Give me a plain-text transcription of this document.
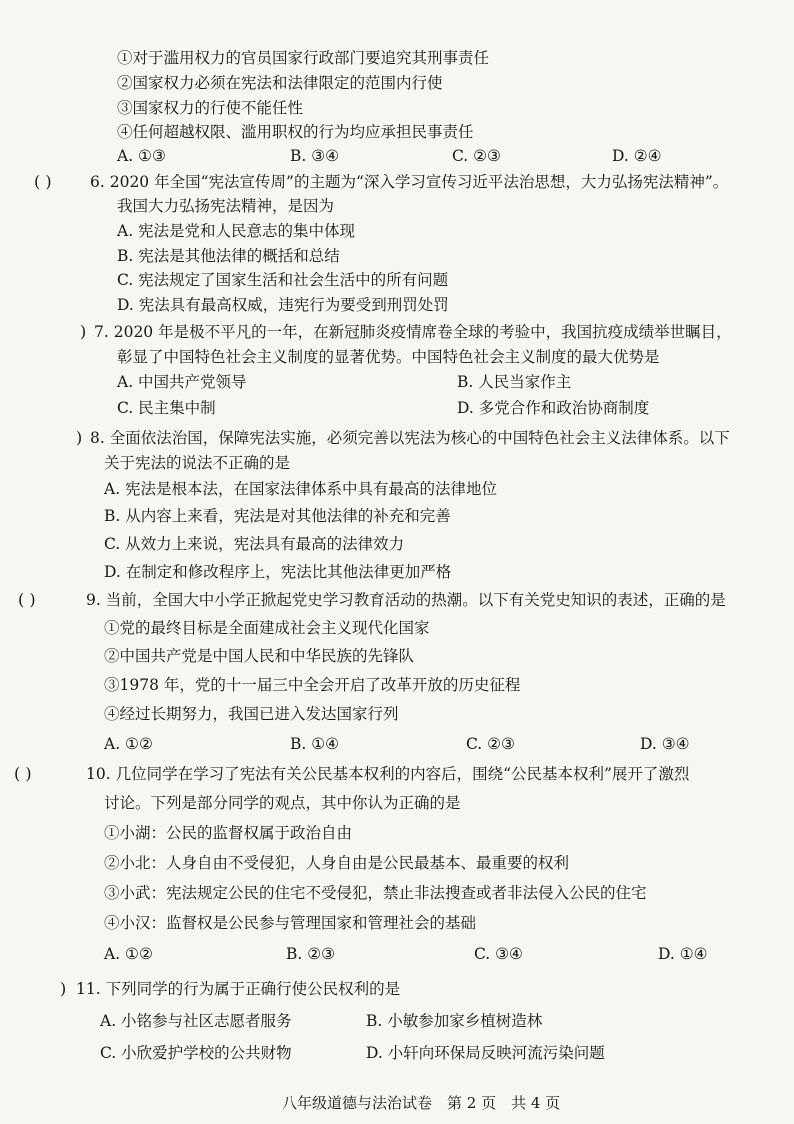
①对于滥用权力的官员国家行政部门要追究其刑事责任
②国家权力必须在宪法和法律限定的范围内行使
③国家权力的行使不能任性
④任何超越权限、滥用职权的行为均应承担民事责任
A. ①③	B. ③④	C. ②③	D. ②④
( ) 6. 2020 年全国“宪法宣传周”的主题为“深入学习宣传习近平法治思想，大力弘扬宪法精神”。
我国大力弘扬宪法精神，是因为
A. 宪法是党和人民意志的集中体现
B. 宪法是其他法律的概括和总结
C. 宪法规定了国家生活和社会生活中的所有问题
D. 宪法具有最高权威，违宪行为要受到刑罚处罚
) 7. 2020 年是极不平凡的一年，在新冠肺炎疫情席卷全球的考验中，我国抗疫成绩举世瞩目，
彰显了中国特色社会主义制度的显著优势。中国特色社会主义制度的最大优势是
A. 中国共产党领导	B. 人民当家作主
C. 民主集中制	D. 多党合作和政治协商制度
) 8. 全面依法治国，保障宪法实施，必须完善以宪法为核心的中国特色社会主义法律体系。以下
关于宪法的说法不正确的是
A. 宪法是根本法，在国家法律体系中具有最高的法律地位
B. 从内容上来看，宪法是对其他法律的补充和完善
C. 从效力上来说，宪法具有最高的法律效力
D. 在制定和修改程序上，宪法比其他法律更加严格
( )	9. 当前，全国大中小学正掀起党史学习教育活动的热潮。以下有关党史知识的表述，正确的是
①党的最终目标是全面建成社会主义现代化国家
②中国共产党是中国人民和中华民族的先锋队
③1978 年，党的十一届三中全会开启了改革开放的历史征程
④经过长期努力，我国已进入发达国家行列
A. ①②	B. ①④	C. ②③	D. ③④
( )	10. 几位同学在学习了宪法有关公民基本权利的内容后，围绕“公民基本权利”展开了激烈
讨论。下列是部分同学的观点，其中你认为正确的是
①小湖：公民的监督权属于政治自由
②小北：人身自由不受侵犯，人身自由是公民最基本、最重要的权利
③小武：宪法规定公民的住宅不受侵犯，禁止非法搜查或者非法侵入公民的住宅
④小汉：监督权是公民参与管理国家和管理社会的基础
A. ①②	B. ②③	C. ③④	D. ①④
) 11. 下列同学的行为属于正确行使公民权利的是
A. 小铭参与社区志愿者服务	B. 小敏参加家乡植树造林
C. 小欣爱护学校的公共财物	D. 小轩向环保局反映河流污染问题
八年级道德与法治试卷　第 2 页　共 4 页
